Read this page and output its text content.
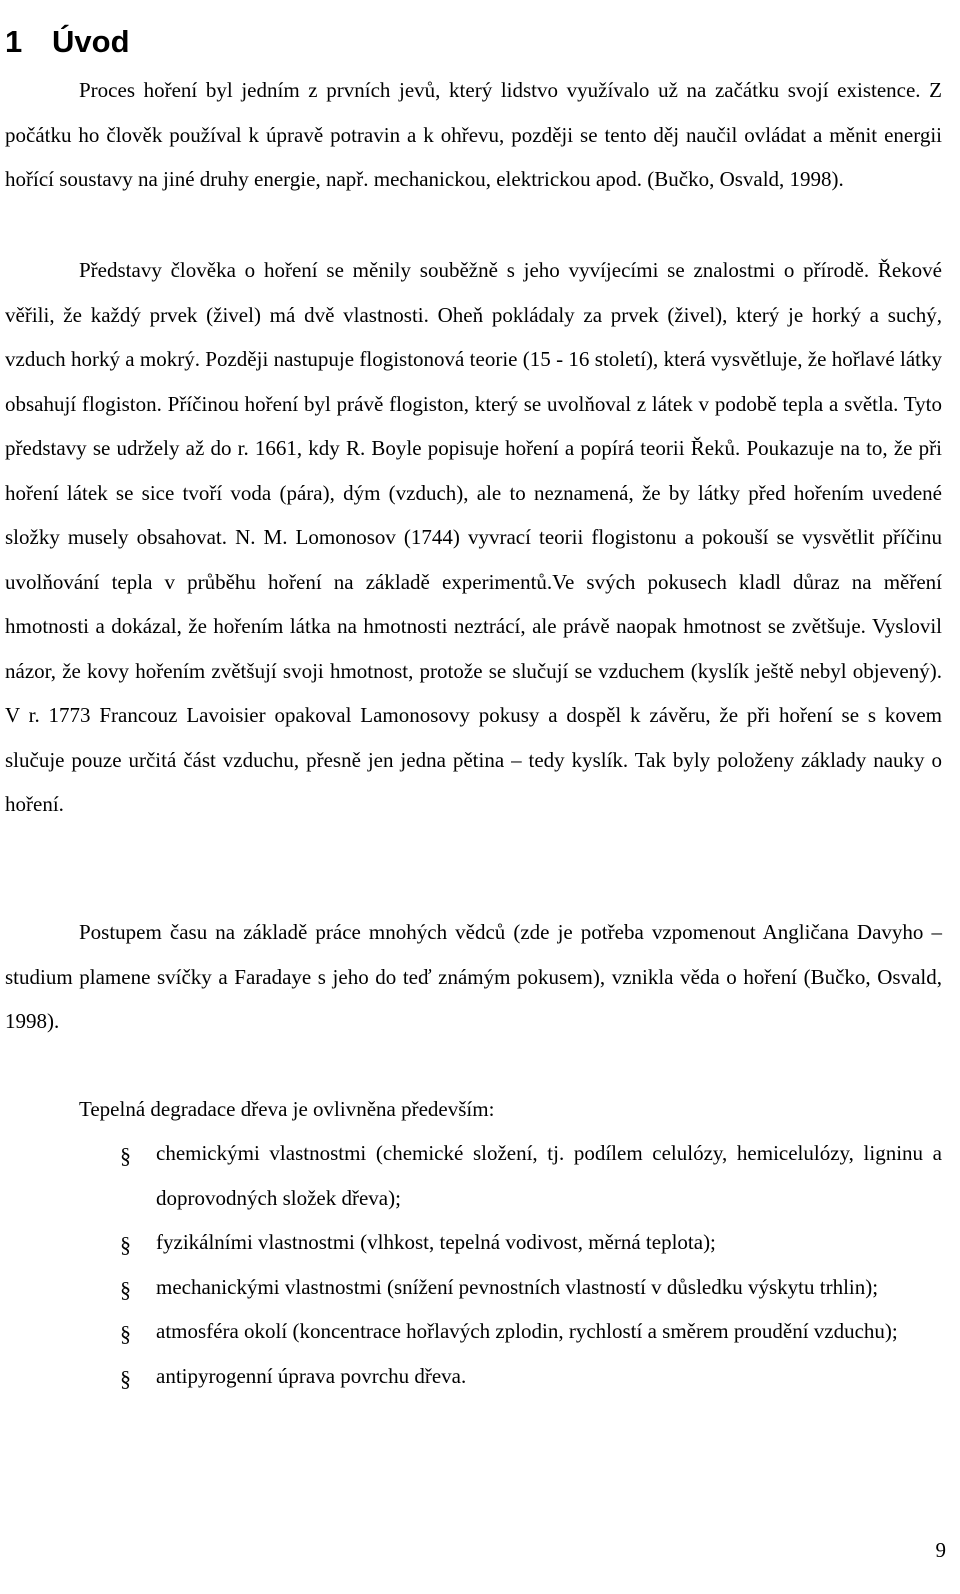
1 Úvod

Proces hoření byl jedním z prvních jevů, který lidstvo využívalo už na začátku svojí existence. Z počátku ho člověk používal k úpravě potravin a k ohřevu, později se tento děj naučil ovládat a měnit energii hořící soustavy na jiné druhy energie, např. mechanickou, elektrickou apod. (Bučko, Osvald, 1998).

Představy člověka o hoření se měnily souběžně s jeho vyvíjecími se znalostmi o přírodě. Řekové věřili, že každý prvek (živel) má dvě vlastnosti. Oheň pokládaly za prvek (živel), který je horký a suchý, vzduch horký a mokrý. Později nastupuje flogistonová teorie (15 - 16 století), která vysvětluje, že hořlavé látky obsahují flogiston. Příčinou hoření byl právě flogiston, který se uvolňoval z látek v podobě tepla a světla. Tyto představy se udržely až do r. 1661, kdy R. Boyle popisuje hoření a popírá teorii Řeků. Poukazuje na to, že při hoření látek se sice tvoří voda (pára), dým (vzduch), ale to neznamená, že by látky před hořením uvedené složky musely obsahovat. N. M. Lomonosov (1744) vyvrací teorii flogistonu a pokouší se vysvětlit příčinu uvolňování tepla v průběhu hoření na základě experimentů.Ve svých pokusech kladl důraz na měření hmotnosti a dokázal, že hořením látka na hmotnosti neztrácí, ale právě naopak hmotnost se zvětšuje. Vyslovil názor, že kovy hořením zvětšují svoji hmotnost, protože se slučují se vzduchem (kyslík ještě nebyl objevený). V r. 1773 Francouz Lavoisier opakoval Lamonosovy pokusy a dospěl k závěru, že při hoření se s kovem slučuje pouze určitá část vzduchu, přesně jen jedna pětina – tedy kyslík. Tak byly položeny základy nauky o hoření.

Postupem času na základě práce mnohých vědců (zde je potřeba vzpomenout Angličana Davyho – studium plamene svíčky a Faradaye s jeho do teď známým pokusem), vznikla věda o hoření (Bučko, Osvald, 1998).

Tepelná degradace dřeva je ovlivněna především:

§ chemickými vlastnostmi (chemické složení, tj. podílem celulózy, hemicelulózy, ligninu a doprovodných složek dřeva);
§ fyzikálními vlastnostmi (vlhkost, tepelná vodivost, měrná teplota);
§ mechanickými vlastnostmi (snížení pevnostních vlastností v důsledku výskytu trhlin);
§ atmosféra okolí (koncentrace hořlavých zplodin, rychlostí a směrem proudění vzduchu);
§ antipyrogenní úprava povrchu dřeva.
9
